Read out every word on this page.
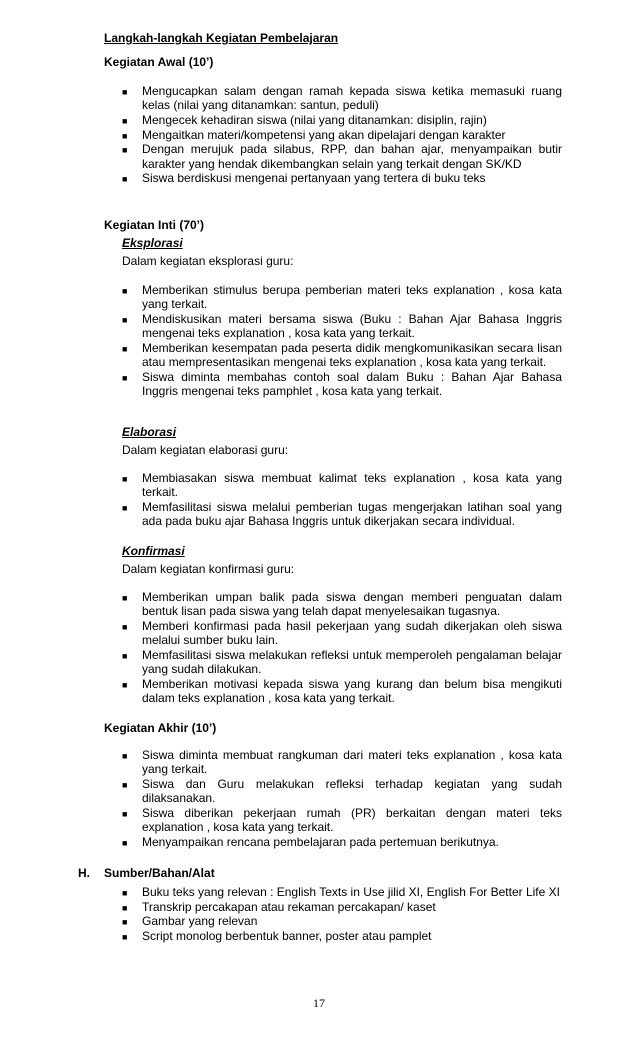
Langkah-langkah Kegiatan Pembelajaran
Kegiatan Awal (10’)
■ Mengucapkan salam dengan ramah kepada siswa ketika memasuki ruang kelas (nilai yang ditanamkan: santun, peduli)
■ Mengecek kehadiran siswa (nilai yang ditanamkan: disiplin, rajin)
■ Mengaitkan materi/kompetensi yang akan dipelajari dengan karakter
■ Dengan merujuk pada silabus, RPP, dan bahan ajar, menyampaikan butir karakter yang hendak dikembangkan selain yang terkait dengan SK/KD
■ Siswa berdiskusi mengenai pertanyaan yang tertera di buku teks
Kegiatan Inti (70’)
Eksplorasi
Dalam kegiatan eksplorasi guru:
■ Memberikan stimulus berupa pemberian materi teks explanation , kosa kata yang terkait.
■ Mendiskusikan materi bersama siswa (Buku : Bahan Ajar Bahasa Inggris mengenai teks explanation , kosa kata yang terkait.
■ Memberikan kesempatan pada peserta didik mengkomunikasikan secara lisan atau mempresentasikan mengenai teks explanation , kosa kata yang terkait.
■ Siswa diminta membahas contoh soal dalam Buku : Bahan Ajar Bahasa Inggris mengenai teks pamphlet , kosa kata yang terkait.
Elaborasi
Dalam kegiatan elaborasi guru:
■ Membiasakan siswa membuat kalimat teks explanation , kosa kata yang terkait.
■ Memfasilitasi siswa melalui pemberian tugas mengerjakan latihan soal yang ada pada buku ajar Bahasa Inggris untuk dikerjakan secara individual.
Konfirmasi
Dalam kegiatan konfirmasi guru:
■ Memberikan umpan balik pada siswa dengan memberi penguatan dalam bentuk lisan pada siswa yang telah dapat menyelesaikan tugasnya.
■ Memberi konfirmasi pada hasil pekerjaan yang sudah dikerjakan oleh siswa melalui sumber buku lain.
■ Memfasilitasi siswa melakukan refleksi untuk memperoleh pengalaman belajar yang sudah dilakukan.
■ Memberikan motivasi kepada siswa yang kurang dan belum bisa mengikuti dalam teks explanation , kosa kata yang terkait.
Kegiatan Akhir (10’)
■ Siswa diminta membuat rangkuman dari materi teks explanation , kosa kata yang terkait.
■ Siswa dan Guru melakukan refleksi terhadap kegiatan yang sudah dilaksanakan.
■ Siswa diberikan pekerjaan rumah (PR) berkaitan dengan materi teks explanation , kosa kata yang terkait.
■ Menyampaikan rencana pembelajaran pada pertemuan berikutnya.
H. Sumber/Bahan/Alat
■ Buku teks yang relevan : English Texts in Use jilid XI, English For Better Life XI
■ Transkrip percakapan atau rekaman percakapan/ kaset
■ Gambar yang relevan
■ Script monolog berbentuk banner, poster atau pamplet
17
